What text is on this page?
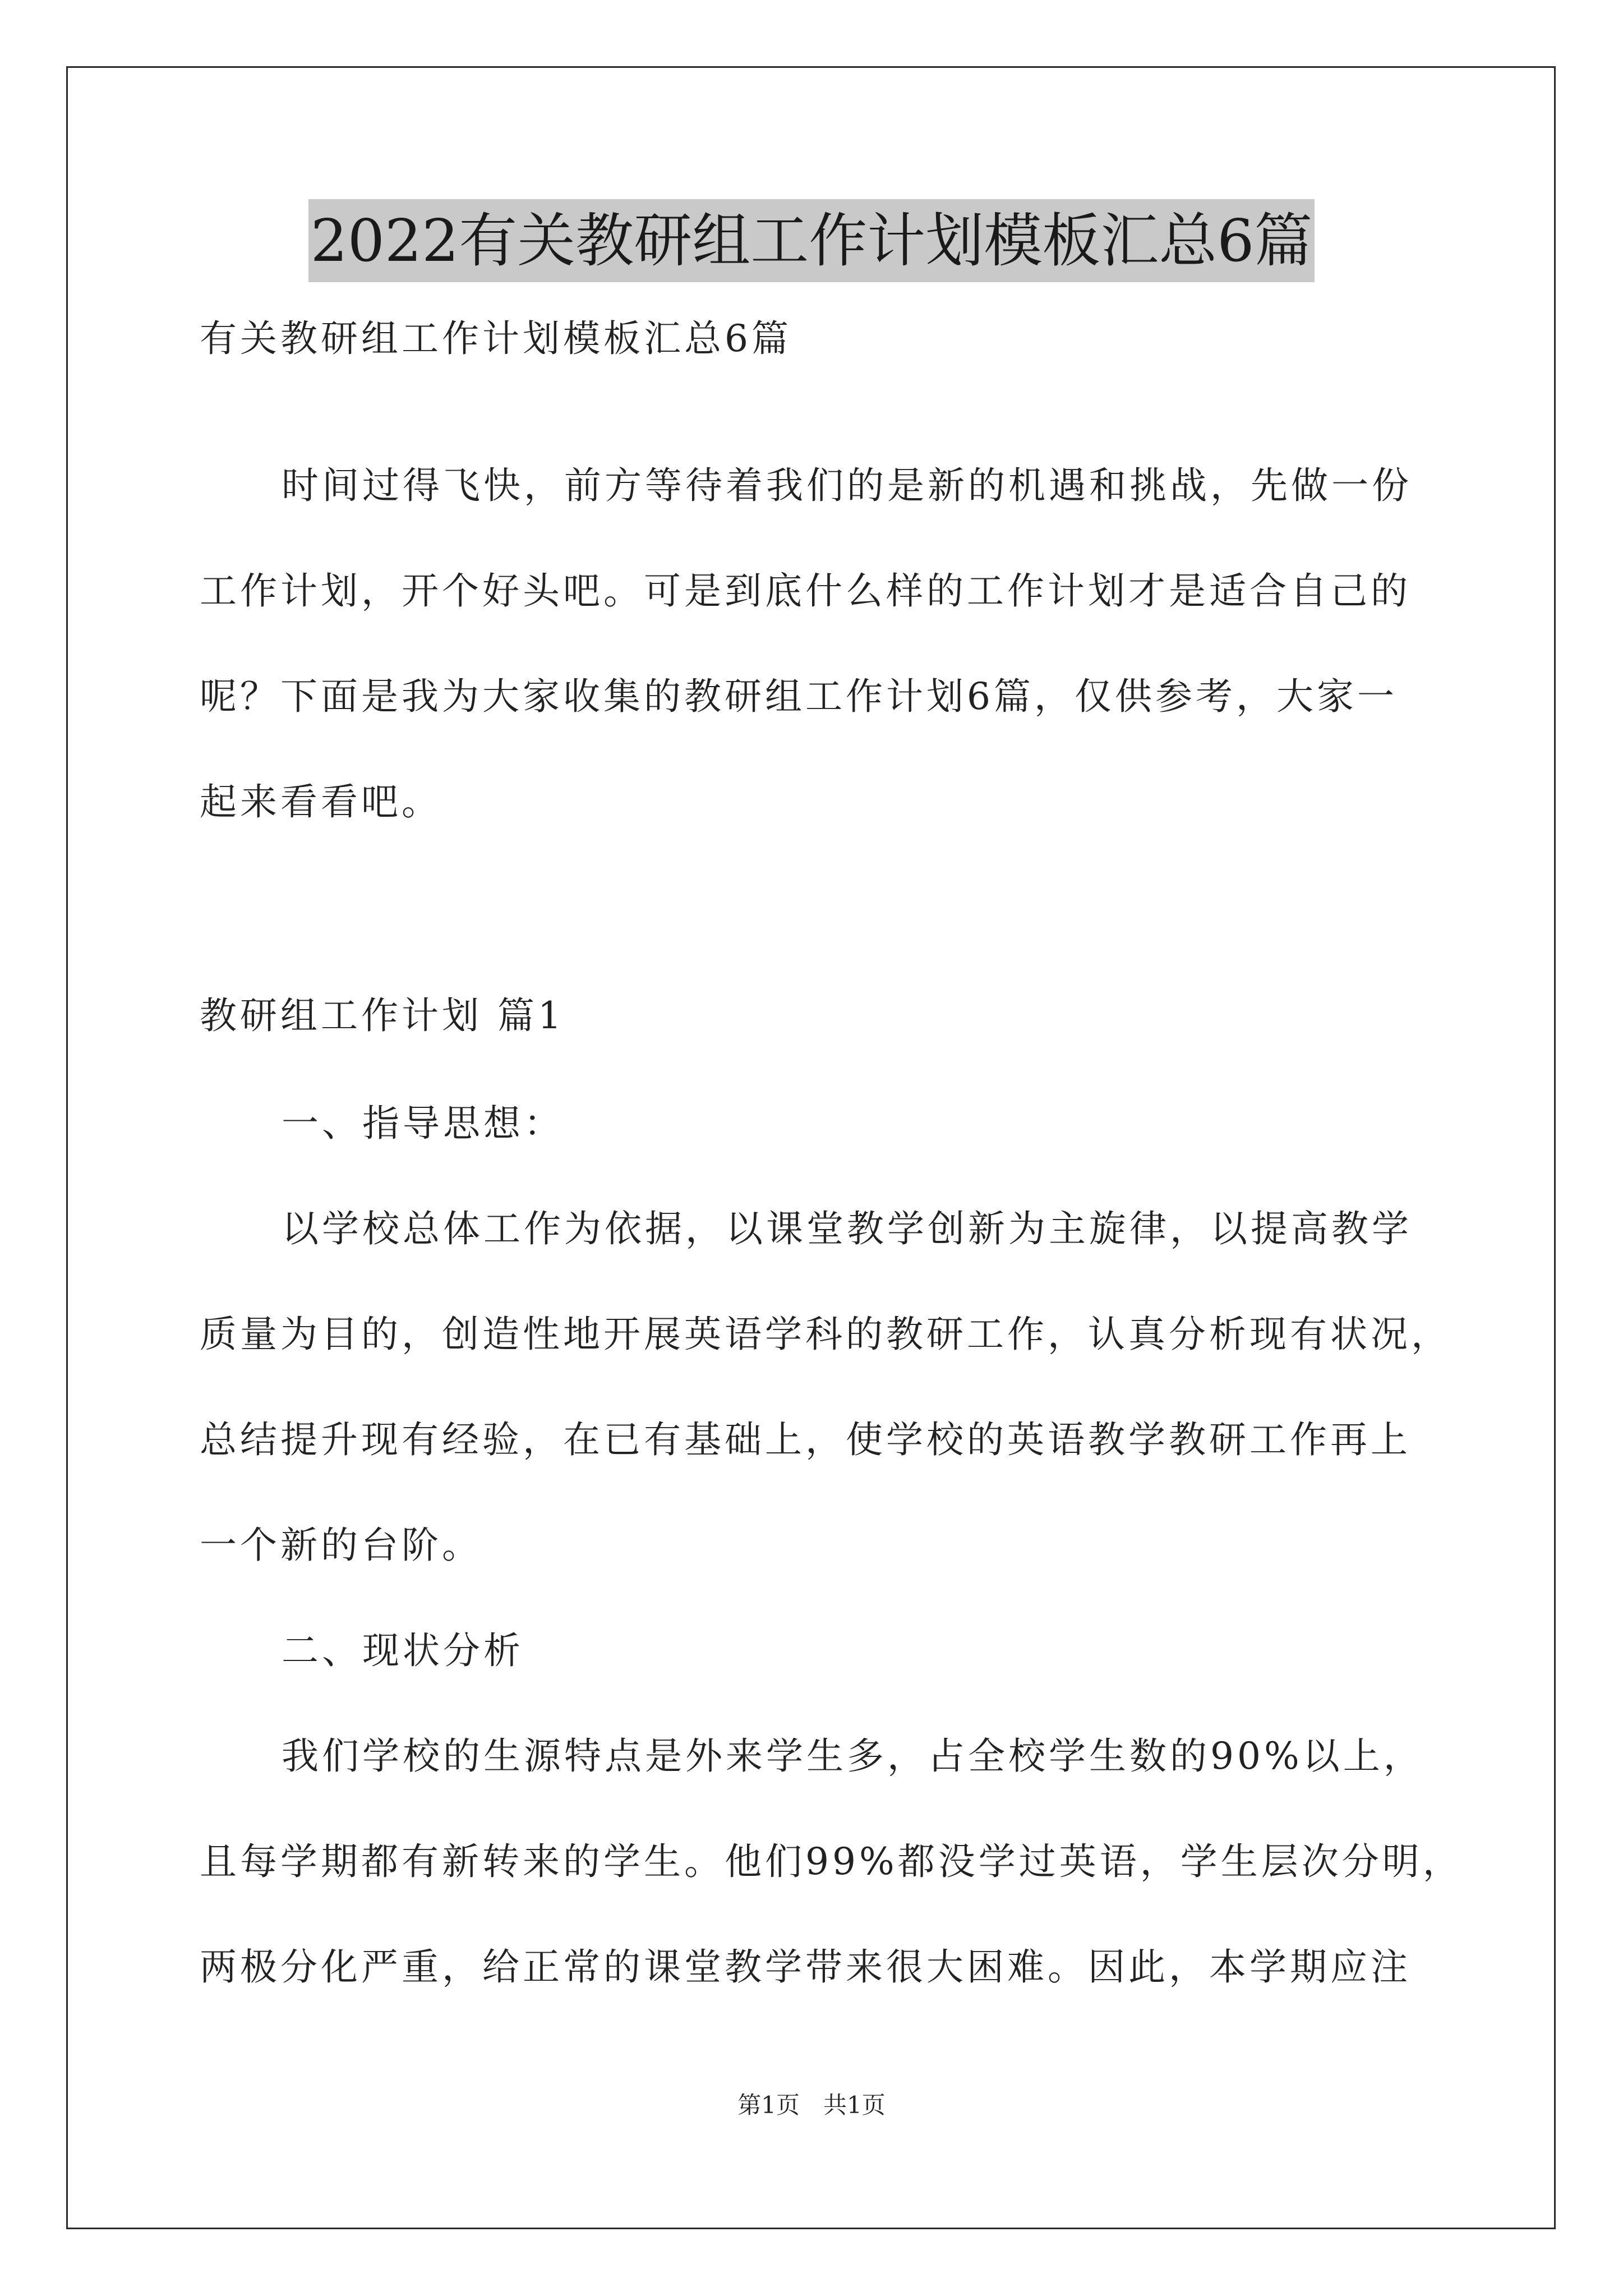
2022有关教研组工作计划模板汇总6篇
有关教研组工作计划模板汇总6篇
时间过得飞快，前方等待着我们的是新的机遇和挑战，先做一份
工作计划，开个好头吧。可是到底什么样的工作计划才是适合自己的
呢？下面是我为大家收集的教研组工作计划6篇，仅供参考，大家一
起来看看吧。
教研组工作计划 篇1
一、指导思想：
以学校总体工作为依据，以课堂教学创新为主旋律，以提高教学
质量为目的，创造性地开展英语学科的教研工作，认真分析现有状况，
总结提升现有经验，在已有基础上，使学校的英语教学教研工作再上
一个新的台阶。
二、现状分析
我们学校的生源特点是外来学生多，占全校学生数的90%以上，
且每学期都有新转来的学生。他们99%都没学过英语，学生层次分明，
两极分化严重，给正常的课堂教学带来很大困难。因此，本学期应注
第1页　共1页
